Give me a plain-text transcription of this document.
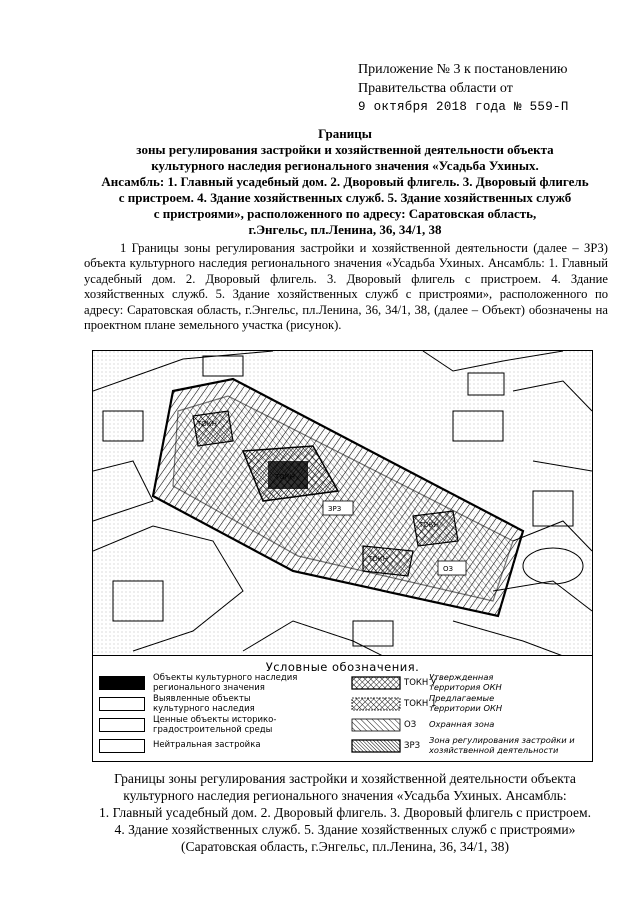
Приложение № 3 к постановлению
Правительства области от
9 октября 2018 года № 559-П
Границы
зоны регулирования застройки и хозяйственной деятельности объекта
культурного наследия регионального значения «Усадьба Ухиных.
Ансамбль: 1. Главный усадебный дом. 2. Дворовый флигель. 3. Дворовый флигель
с пристроем. 4. Здание хозяйственных служб. 5. Здание хозяйственных служб
с пристроями», расположенного по адресу: Саратовская область,
г.Энгельс, пл.Ленина, 36, 34/1, 38

1 Границы зоны регулирования застройки и хозяйственной деятельности (далее – ЗРЗ) объекта культурного наследия регионального значения «Усадьба Ухиных. Ансамбль: 1. Главный усадебный дом. 2. Дворовый флигель. 3. Дворовый флигель с пристроем. 4. Здание хозяйственных служб. 5. Здание хозяйственных служб с пристроями», расположенного по адресу: Саратовская область, г.Энгельс, пл.Ленина, 36, 34/1, 38, (далее – Объект) обозначены на проектном плане земельного участка (рисунок).

ТОКН
ТОКН
ТОКН
ТОКН
ЗРЗ
ОЗ
Условные обозначения.
Объекты культурного наследия
регионального значения
Выявленные объекты
культурного наследия
Ценные объекты историко-
градостроительной среды
Нейтральная застройка
ТОКН У
Утвержденная
территория ОКН
ТОКН 1
Предлагаемые
территории ОКН
ОЗ Охранная зона
ЗРЗ
Зона регулирования застройки и
хозяйственной деятельности
Границы зоны регулирования застройки и хозяйственной деятельности объекта
культурного наследия регионального значения «Усадьба Ухиных. Ансамбль:
1. Главный усадебный дом. 2. Дворовый флигель. 3. Дворовый флигель с пристроем.
4. Здание хозяйственных служб. 5. Здание хозяйственных служб с пристроями»
(Саратовская область, г.Энгельс, пл.Ленина, 36, 34/1, 38)
